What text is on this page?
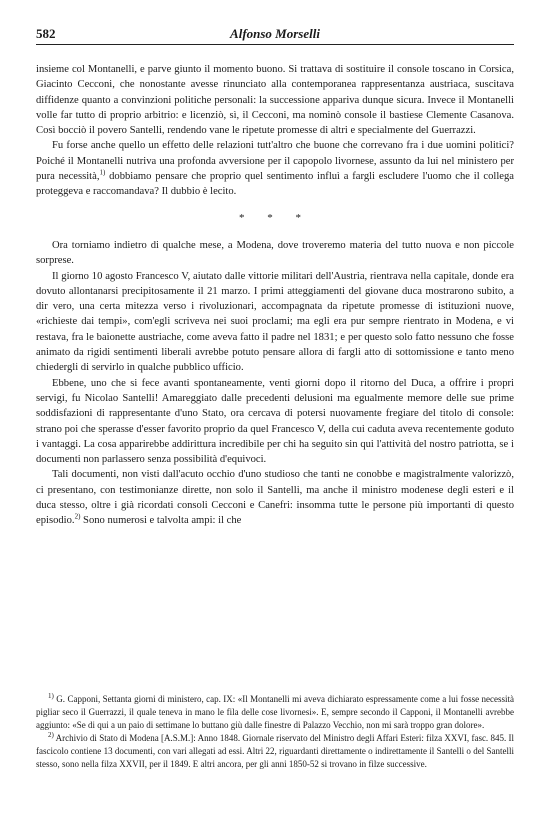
582	Alfonso Morselli

insieme col Montanelli, e parve giunto il momento buono. Si trattava di sostituire il console toscano in Corsica, Giacinto Cecconi, che nonostante avesse rinunciato alla contemporanea rappresentanza austriaca, suscitava diffidenze quanto a convinzioni politiche personali: la successione appariva dunque sicura. Invece il Montanelli volle far tutto di proprio arbitrio: e licenziò, sì, il Cecconi, ma nominò console il bastiese Clemente Casanova. Così bocciò il povero Santelli, rendendo vane le ripetute promesse di altri e specialmente del Guerrazzi.

Fu forse anche quello un effetto delle relazioni tutt'altro che buone che correvano fra i due uomini politici? Poiché il Montanelli nutriva una profonda avversione per il capopolo livornese, assunto da lui nel ministero per pura necessità,$^{1)}$ dobbiamo pensare che proprio quel sentimento influì a fargli escludere l'uomo che il collega proteggeva e raccomandava? Il dubbio è lecito.

* * *

Ora torniamo indietro di qualche mese, a Modena, dove troveremo materia del tutto nuova e non piccole sorprese.

Il giorno 10 agosto Francesco V, aiutato dalle vittorie militari dell'Austria, rientrava nella capitale, donde era dovuto allontanarsi precipitosamente il 21 marzo. I primi atteggiamenti del giovane duca mostrarono subito, a dir vero, una certa mitezza verso i rivoluzionari, accompagnata da ripetute promesse di istituzioni nuove, «richieste dai tempi», com'egli scriveva nei suoi proclami; ma egli era pur sempre rientrato in Modena, e vi restava, fra le baionette austriache, come aveva fatto il padre nel 1831; e per questo solo fatto nessuno che fosse animato da rigidi sentimenti liberali avrebbe potuto pensare allora di fargli atto di sottomissione e tanto meno chiedergli di servirlo in qualche pubblico ufficio.

Ebbene, uno che si fece avanti spontaneamente, venti giorni dopo il ritorno del Duca, a offrire i propri servigi, fu Nicolao Santelli! Amareggiato dalle precedenti delusioni ma egualmente memore delle sue prime soddisfazioni di rappresentante d'uno Stato, ora cercava di potersi nuovamente fregiare del titolo di console: strano poi che sperasse d'esser favorito proprio da quel Francesco V, della cui caduta aveva recentemente goduto i vantaggi. La cosa apparirebbe addirittura incredibile per chi ha seguito sin qui l'attività del nostro patriotta, se i documenti non parlassero senza possibilità d'equivoci.

Tali documenti, non visti dall'acuto occhio d'uno studioso che tanti ne conobbe e magistralmente valorizzò, ci presentano, con testimonianze dirette, non solo il Santelli, ma anche il ministro modenese degli esteri e il duca stesso, oltre i già ricordati consoli Cecconi e Canefri: insomma tutte le persone più importanti di questo episodio.$^{2)}$ Sono numerosi e talvolta ampi: il che

$^{1)}$ G. Capponi, Settanta giorni di ministero, cap. IX: «Il Montanelli mi aveva dichiarato espressamente come a lui fosse necessità pigliar seco il Guerrazzi, il quale teneva in mano le fila delle cose livornesi». E, sempre secondo il Capponi, il Montanelli avrebbe aggiunto: «Se di qui a un paio di settimane lo buttano giù dalle finestre di Palazzo Vecchio, non mi sarà troppo gran dolore».

$^{2)}$ Archivio di Stato di Modena [A.S.M.]: Anno 1848. Giornale riservato del Ministro degli Affari Esteri: filza XXVI, fasc. 845. Il fascicolo contiene 13 documenti, con vari allegati ad essi. Altri 22, riguardanti direttamente o indirettamente il Santelli o del Santelli stesso, sono nella filza XXVII, per il 1849. E altri ancora, per gli anni 1850-52 si trovano in filze successive.
